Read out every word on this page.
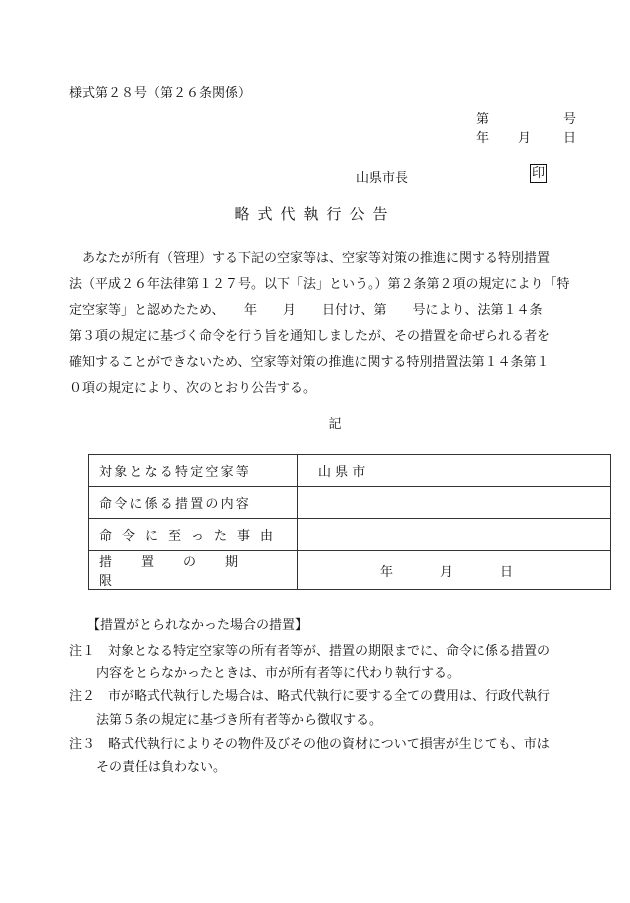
様式第２８号（第２６条関係）
第	号
年 月 日
山県市長	印
略式代執行公告
　あなたが所有（管理）する下記の空家等は、空家等対策の推進に関する特別措置
法（平成２６年法律第１２７号。以下「法」という。）第２条第２項の規定により「特
定空家等」と認めたため、　　年　　月　　日付け、第　　号により、法第１４条
第３項の規定に基づく命令を行う旨を通知しましたが、その措置を命ぜられる者を
確知することができないため、空家等対策の推進に関する特別措置法第１４条第１
０項の規定により、次のとおり公告する。
記
対象となる特定空家等	山 県 市
命令に係る措置の内容	
命令に至った事由	
措置の期限	年 月 日
【措置がとられなかった場合の措置】
注１　対象となる特定空家等の所有者等が、措置の期限までに、命令に係る措置の
内容をとらなかったときは、市が所有者等に代わり執行する。
注２　市が略式代執行した場合は、略式代執行に要する全ての費用は、行政代執行
法第５条の規定に基づき所有者等から徴収する。
注３　略式代執行によりその物件及びその他の資材について損害が生じても、市は
その責任は負わない。
